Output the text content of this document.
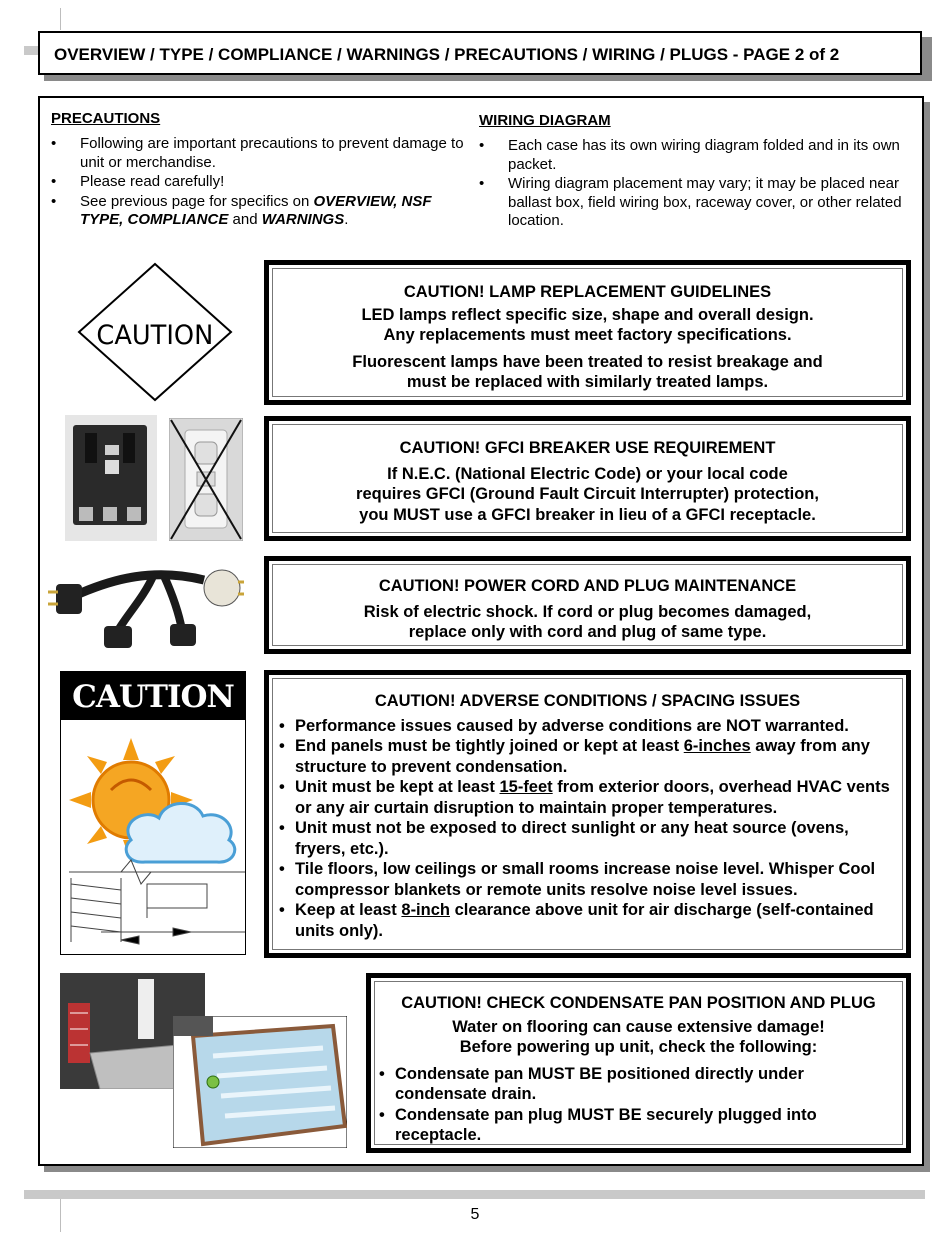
OVERVIEW / TYPE / COMPLIANCE / WARNINGS / PRECAUTIONS / WIRING / PLUGS - PAGE 2 of 2
PRECAUTIONS
• Following are important precautions to prevent damage to unit or merchandise.
• Please read carefully!
• See previous page for specifics on OVERVIEW, NSF TYPE, COMPLIANCE and WARNINGS.
WIRING DIAGRAM
• Each case has its own wiring diagram folded and in its own packet.
• Wiring diagram placement may vary; it may be placed near ballast box, field wiring box, raceway cover, or other related location.
CAUTION
CAUTION! LAMP REPLACEMENT GUIDELINES
LED lamps reflect specific size, shape and overall design.
Any replacements must meet factory specifications.
Fluorescent lamps have been treated to resist breakage and
must be replaced with similarly treated lamps.
CAUTION! GFCI BREAKER USE REQUIREMENT
If N.E.C. (National Electric Code) or your local code
requires GFCI (Ground Fault Circuit Interrupter) protection,
you MUST use a GFCI breaker in lieu of a GFCI receptacle.
CAUTION! POWER CORD AND PLUG MAINTENANCE
Risk of electric shock. If cord or plug becomes damaged,
replace only with cord and plug of same type.
CAUTION	CAUTION! ADVERSE CONDITIONS / SPACING ISSUES
• Performance issues caused by adverse conditions are NOT warranted.
• End panels must be tightly joined or kept at least 6-inches away from any structure to prevent condensation.
• Unit must be kept at least 15-feet from exterior doors, overhead HVAC vents or any air curtain disruption to maintain proper temperatures.
• Unit must not be exposed to direct sunlight or any heat source (ovens, fryers, etc.).
• Tile floors, low ceilings or small rooms increase noise level. Whisper Cool compressor blankets or remote units resolve noise level issues.
• Keep at least 8-inch clearance above unit for air discharge (self-contained units only).
CAUTION! CHECK CONDENSATE PAN POSITION AND PLUG
Water on flooring can cause extensive damage!
Before powering up unit, check the following:
• Condensate pan MUST BE positioned directly under condensate drain.
• Condensate pan plug MUST BE securely plugged into receptacle.
5
